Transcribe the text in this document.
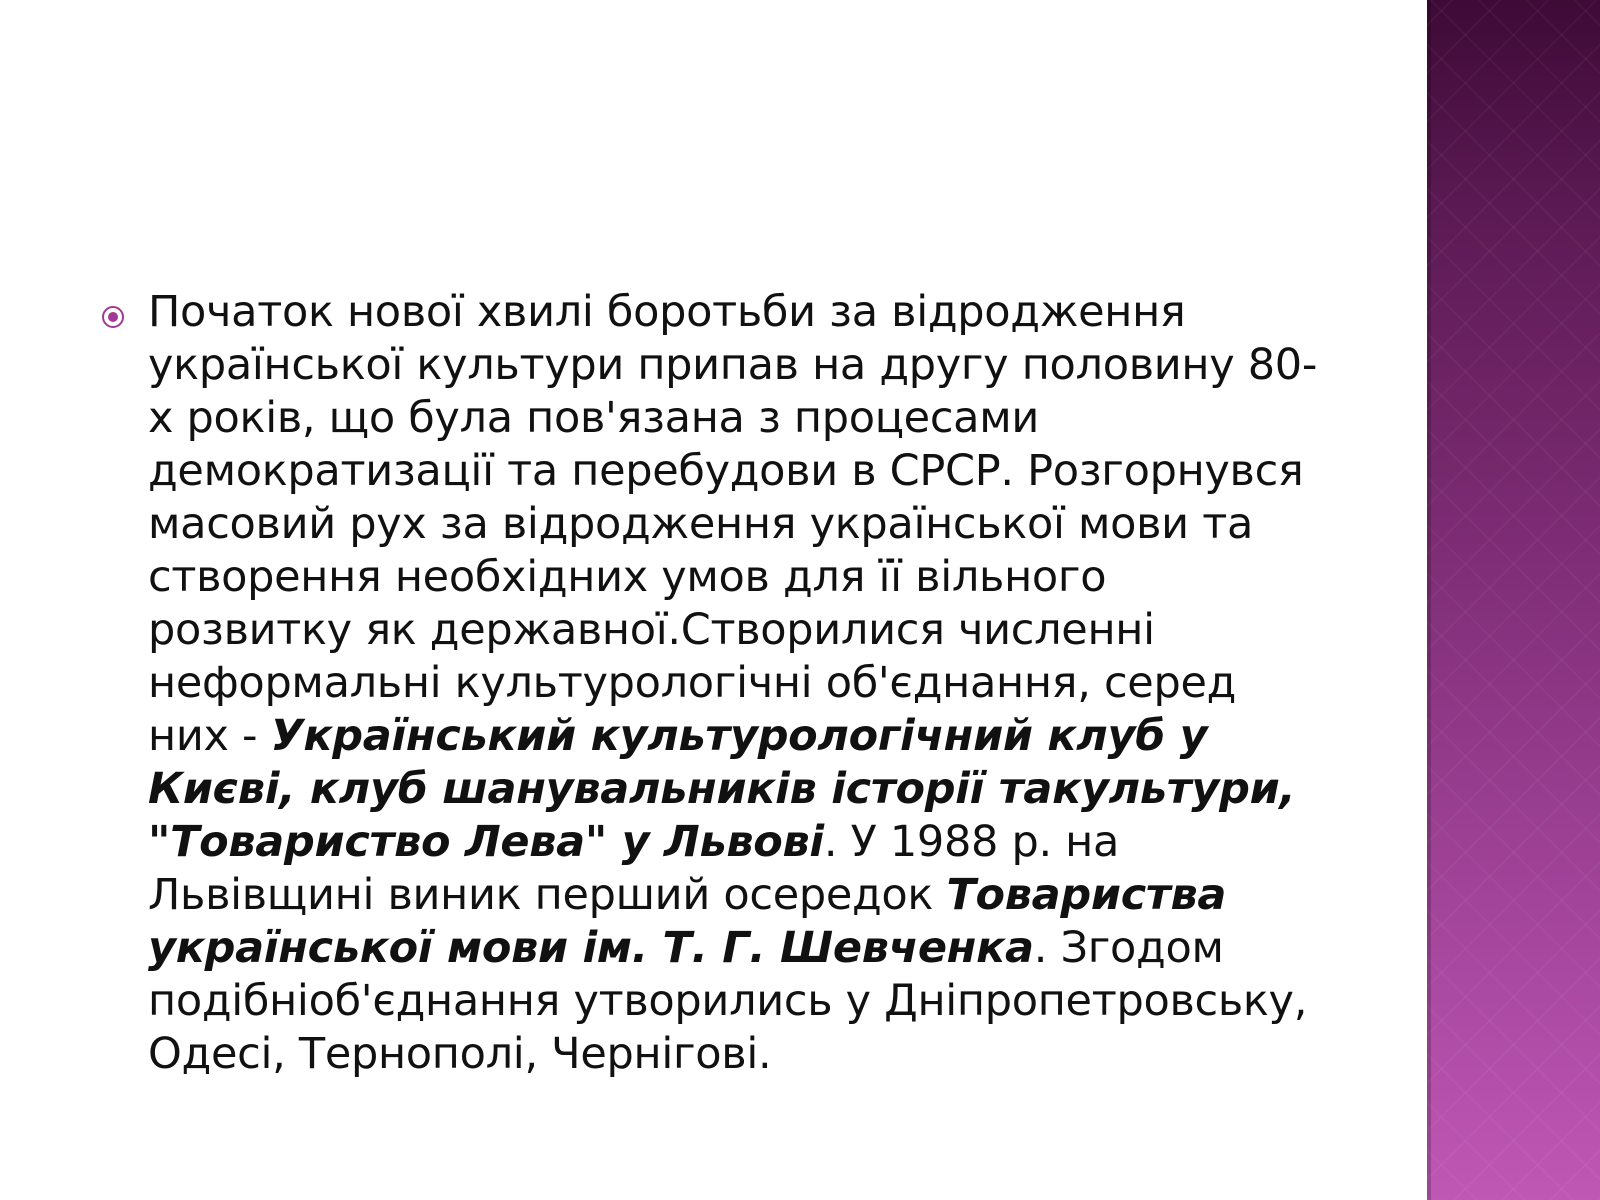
Початок нової хвилі боротьби за відродження
української культури припав на другу половину 80-
х років, що була пов'язана з процесами
демократизації та перебудови в СРСР. Розгорнувся
масовий рух за відродження української мови та
створення необхідних умов для її вільного
розвитку як державної.Створилися численні
неформальні культурологічні об'єднання, серед
них - Український культурологічний клуб у
Києві, клуб шанувальників історії такультури,
"Товариство Лева" у Львові. У 1988 р. на
Львівщині виник перший осередок Товариства
української мови ім. Т. Г. Шевченка. Згодом
подібніоб'єднання утворились у Дніпропетровську,
Одесі, Тернополі, Чернігові.
